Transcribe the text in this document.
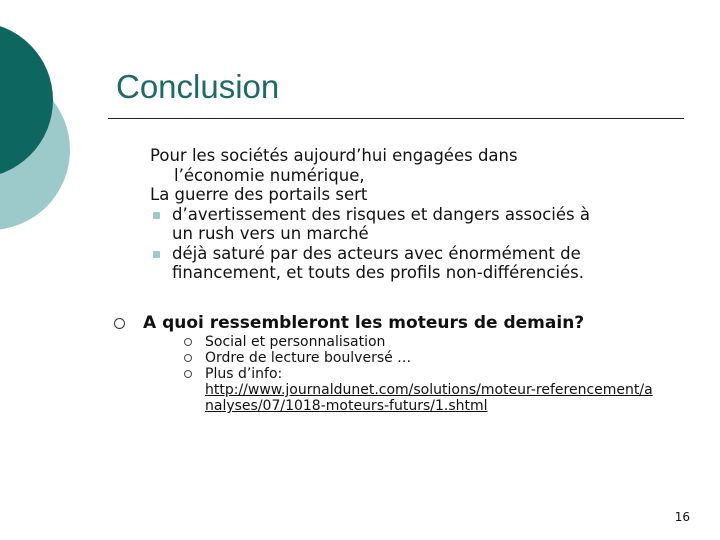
Conclusion

Pour les sociétés aujourd’hui engagées dans

l’économie numérique,

La guerre des portails sert

d’avertissement des risques et dangers associés à
un rush vers un marché
déjà saturé par des acteurs avec énormément de
financement, et touts des profils non-différenciés.
A quoi ressembleront les moteurs de demain?
Social et personnalisation
Ordre de lecture boulversé …
Plus d’info:
http://www.journaldunet.com/solutions/moteur-referencement/analyses/07/1018-moteurs-futurs/1.shtml
16
